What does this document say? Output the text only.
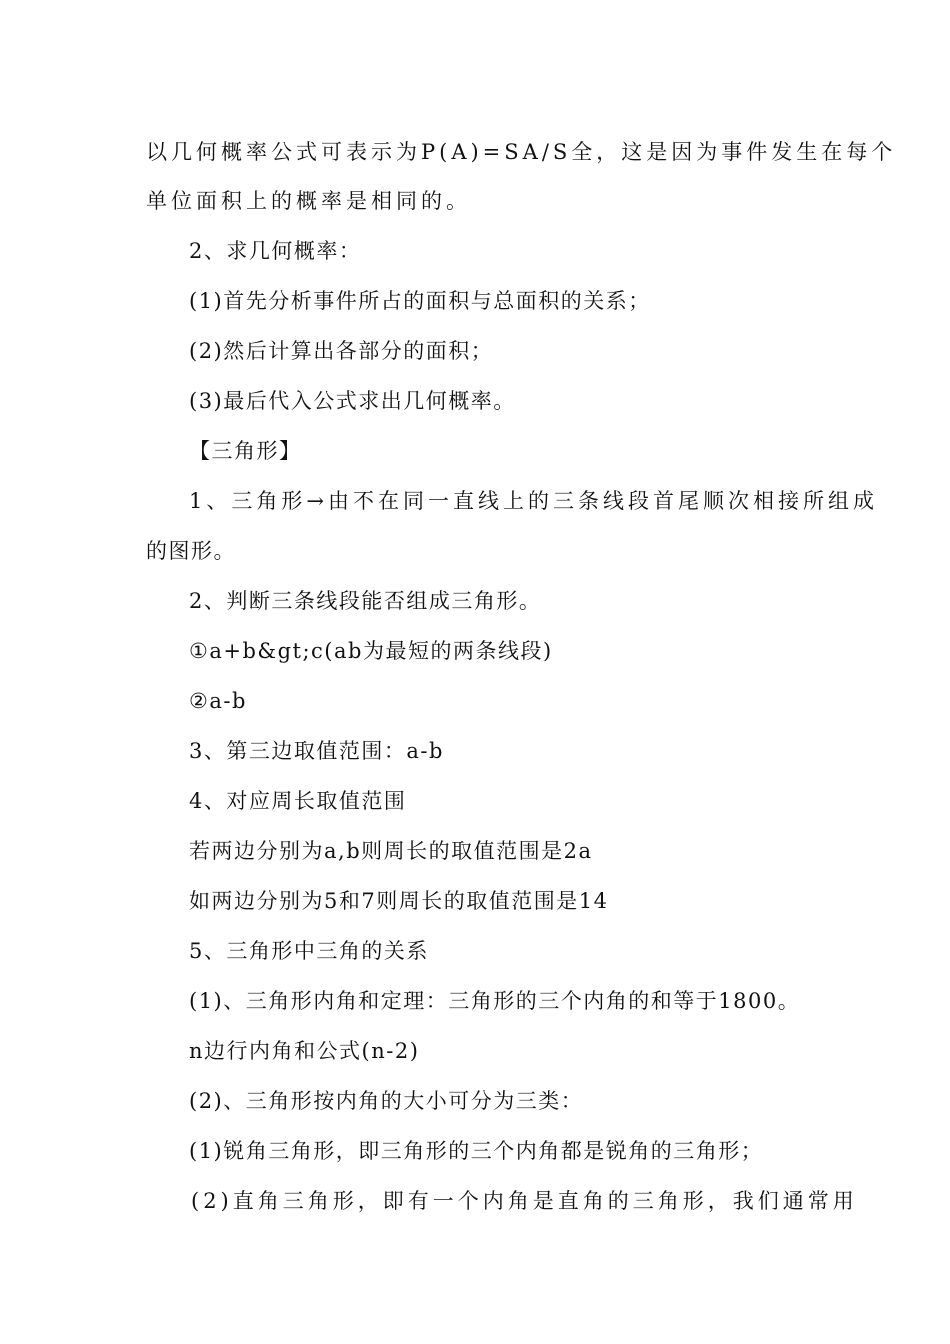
以几何概率公式可表示为P(A)=SA/S全，这是因为事件发生在每个
单位面积上的概率是相同的。
2、求几何概率：
(1)首先分析事件所占的面积与总面积的关系；
(2)然后计算出各部分的面积；
(3)最后代入公式求出几何概率。
【三角形】
1、三角形→由不在同一直线上的三条线段首尾顺次相接所组成
的图形。
2、判断三条线段能否组成三角形。
①a+b&gt;c(ab为最短的两条线段)
②a-b
3、第三边取值范围：a-b
4、对应周长取值范围
若两边分别为a,b则周长的取值范围是2a
如两边分别为5和7则周长的取值范围是14
5、三角形中三角的关系
(1)、三角形内角和定理：三角形的三个内角的和等于1800。
n边行内角和公式(n-2)
(2)、三角形按内角的大小可分为三类：
(1)锐角三角形，即三角形的三个内角都是锐角的三角形；
(2)直角三角形，即有一个内角是直角的三角形，我们通常用
